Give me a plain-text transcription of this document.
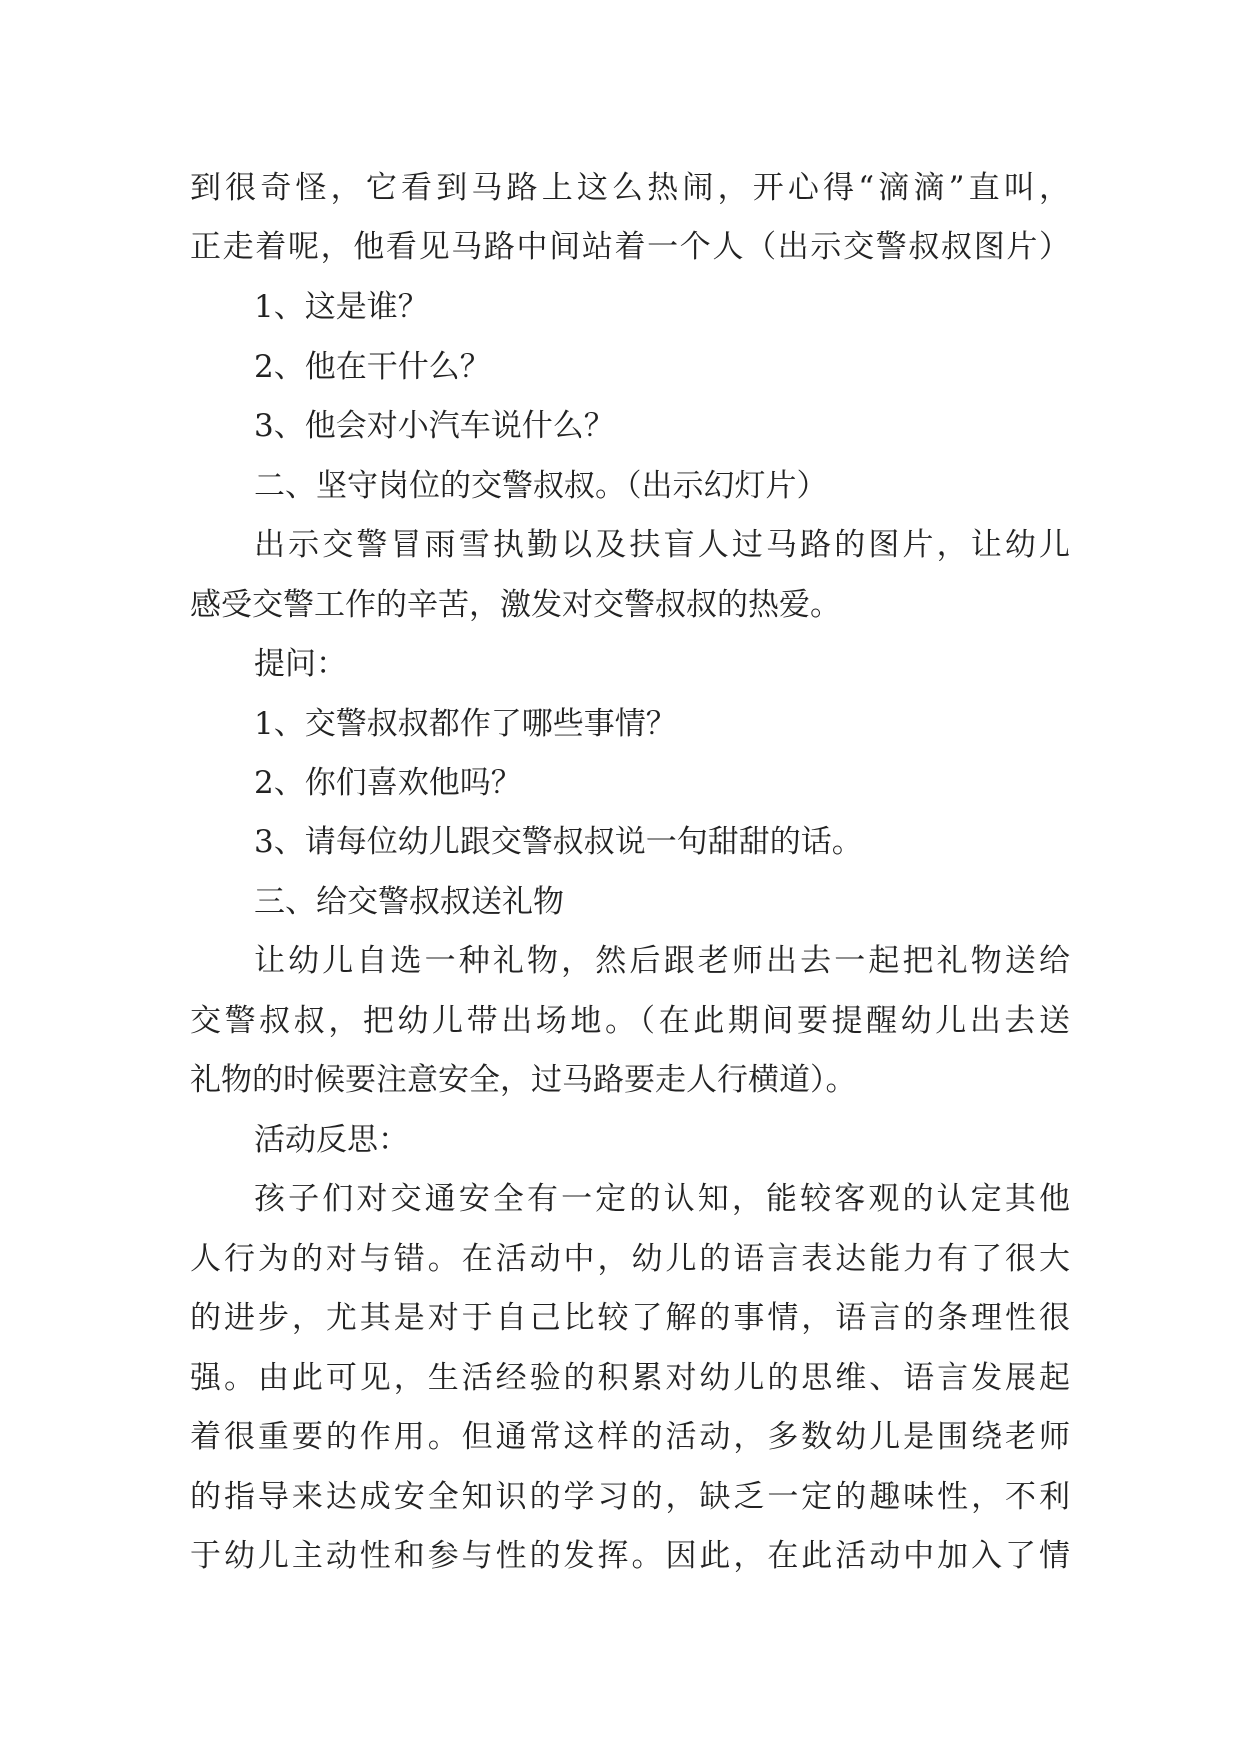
到很奇怪，它看到马路上这么热闹，开心得“滴滴”直叫，
正走着呢，他看见马路中间站着一个人（出示交警叔叔图片）
1、这是谁？
2、他在干什么？
3、他会对小汽车说什么？
二、坚守岗位的交警叔叔。（出示幻灯片）
出示交警冒雨雪执勤以及扶盲人过马路的图片，让幼儿
感受交警工作的辛苦，激发对交警叔叔的热爱。
提问：
1、交警叔叔都作了哪些事情？
2、你们喜欢他吗？
3、请每位幼儿跟交警叔叔说一句甜甜的话。
三、给交警叔叔送礼物
让幼儿自选一种礼物，然后跟老师出去一起把礼物送给
交警叔叔，把幼儿带出场地。（在此期间要提醒幼儿出去送
礼物的时候要注意安全，过马路要走人行横道）。
活动反思：
孩子们对交通安全有一定的认知，能较客观的认定其他
人行为的对与错。在活动中，幼儿的语言表达能力有了很大
的进步，尤其是对于自己比较了解的事情，语言的条理性很
强。由此可见，生活经验的积累对幼儿的思维、语言发展起
着很重要的作用。但通常这样的活动，多数幼儿是围绕老师
的指导来达成安全知识的学习的，缺乏一定的趣味性，不利
于幼儿主动性和参与性的发挥。因此，在此活动中加入了情
